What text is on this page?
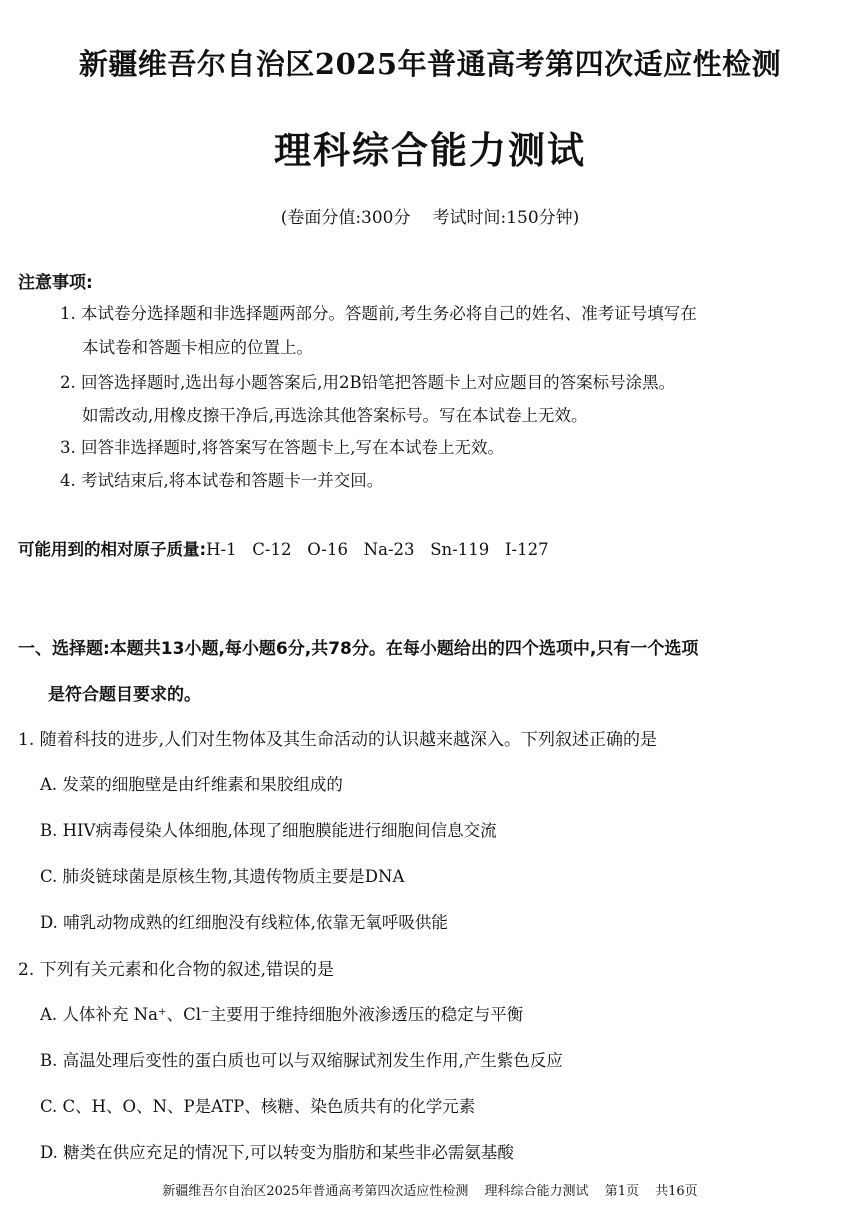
新疆维吾尔自治区2025年普通高考第四次适应性检测
理科综合能力测试
(卷面分值:300分 考试时间:150分钟)
注意事项:
1. 本试卷分选择题和非选择题两部分。答题前,考生务必将自己的姓名、准考证号填写在
本试卷和答题卡相应的位置上。
2. 回答选择题时,选出每小题答案后,用2B铅笔把答题卡上对应题目的答案标号涂黑。
如需改动,用橡皮擦干净后,再选涂其他答案标号。写在本试卷上无效。
3. 回答非选择题时,将答案写在答题卡上,写在本试卷上无效。
4. 考试结束后,将本试卷和答题卡一并交回。
可能用到的相对原子质量:H-1   C-12   O-16   Na-23   Sn-119   I-127
一、选择题:本题共13小题,每小题6分,共78分。在每小题给出的四个选项中,只有一个选项
是符合题目要求的。
1. 随着科技的进步,人们对生物体及其生命活动的认识越来越深入。下列叙述正确的是
A. 发菜的细胞壁是由纤维素和果胶组成的
B. HIV病毒侵染人体细胞,体现了细胞膜能进行细胞间信息交流
C. 肺炎链球菌是原核生物,其遗传物质主要是DNA
D. 哺乳动物成熟的红细胞没有线粒体,依靠无氧呼吸供能
2. 下列有关元素和化合物的叙述,错误的是
A. 人体补充 Na⁺、Cl⁻主要用于维持细胞外液渗透压的稳定与平衡
B. 高温处理后变性的蛋白质也可以与双缩脲试剂发生作用,产生紫色反应
C. C、H、O、N、P是ATP、核糖、染色质共有的化学元素
D. 糖类在供应充足的情况下,可以转变为脂肪和某些非必需氨基酸
新疆维吾尔自治区2025年普通高考第四次适应性检测 理科综合能力测试 第1页 共16页
